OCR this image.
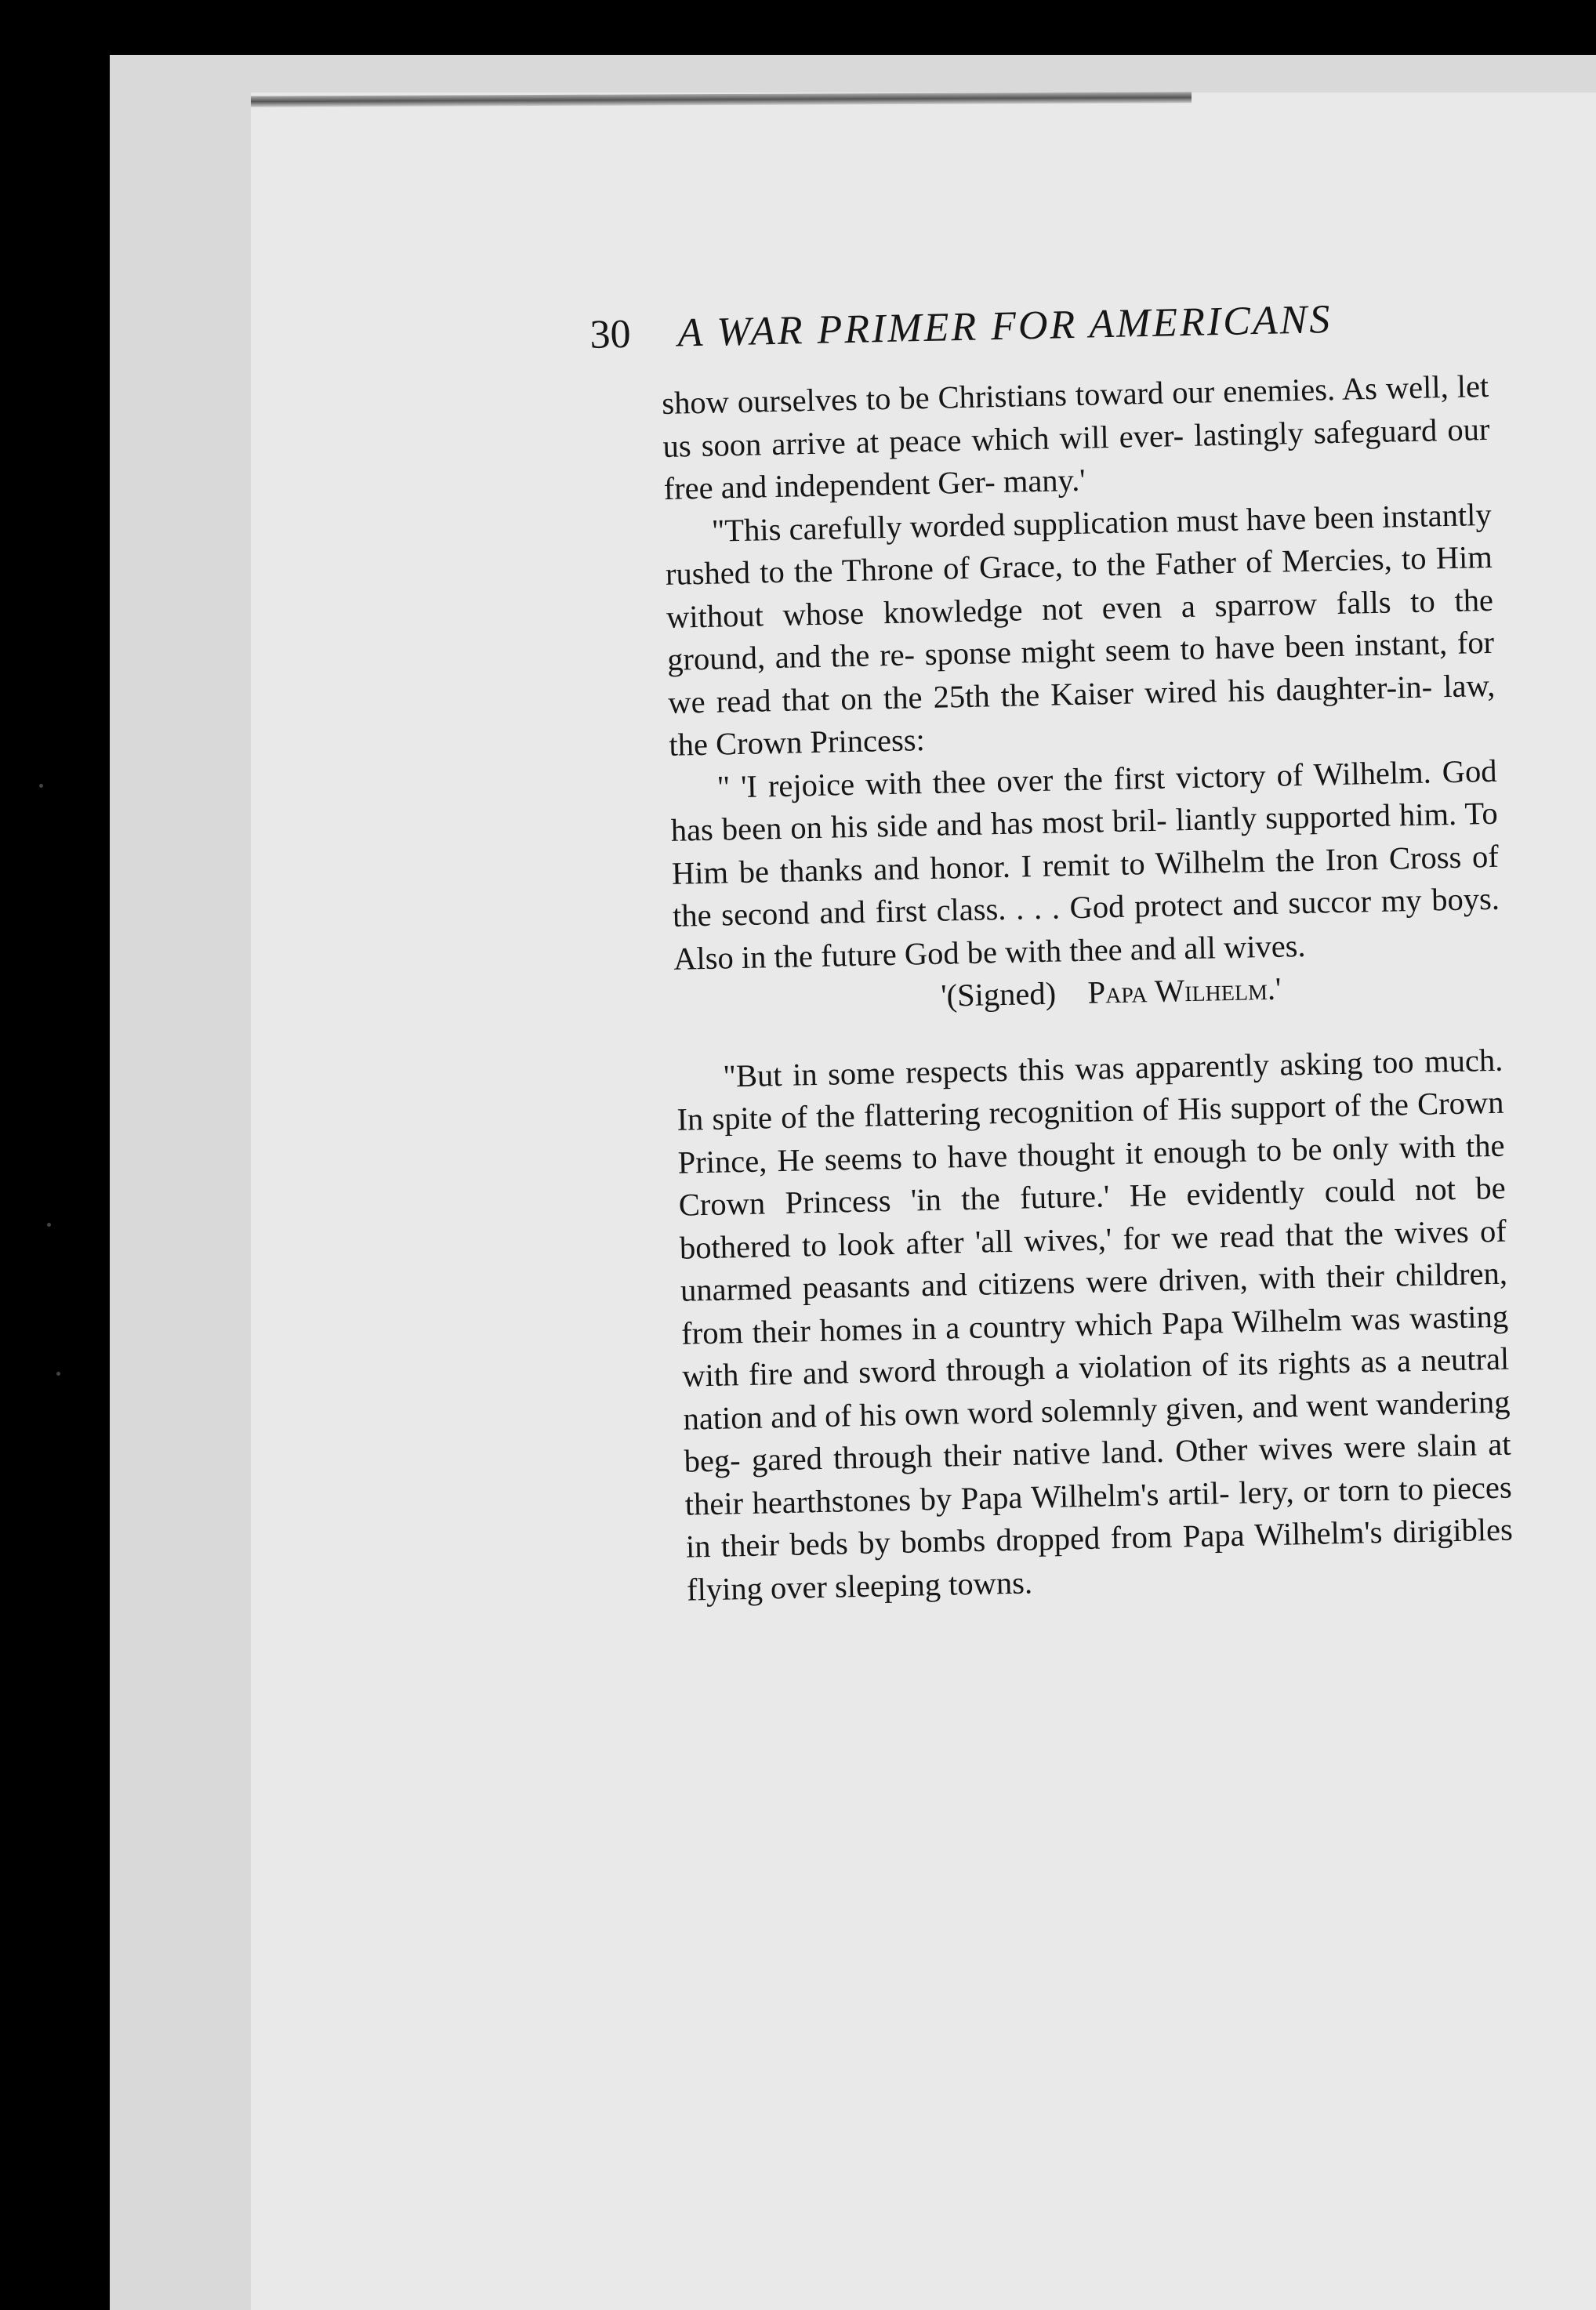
30 A WAR PRIMER FOR AMERICANS

show ourselves to be Christians toward our enemies. As well, let us soon arrive at peace which will ever- lastingly safeguard our free and independent Ger- many.'

"This carefully worded supplication must have been instantly rushed to the Throne of Grace, to the Father of Mercies, to Him without whose knowledge not even a sparrow falls to the ground, and the re- sponse might seem to have been instant, for we read that on the 25th the Kaiser wired his daughter-in- law, the Crown Princess:

" 'I rejoice with thee over the first victory of Wilhelm. God has been on his side and has most bril- liantly supported him. To Him be thanks and honor. I remit to Wilhelm the Iron Cross of the second and first class. . . . God protect and succor my boys. Also in the future God be with thee and all wives.

'(Signed) Papa Wilhelm.'

"But in some respects this was apparently asking too much. In spite of the flattering recognition of His support of the Crown Prince, He seems to have thought it enough to be only with the Crown Princess 'in the future.' He evidently could not be bothered to look after 'all wives,' for we read that the wives of unarmed peasants and citizens were driven, with their children, from their homes in a country which Papa Wilhelm was wasting with fire and sword through a violation of its rights as a neutral nation and of his own word solemnly given, and went wandering beg- gared through their native land. Other wives were slain at their hearthstones by Papa Wilhelm's artil- lery, or torn to pieces in their beds by bombs dropped from Papa Wilhelm's dirigibles flying over sleeping towns.
